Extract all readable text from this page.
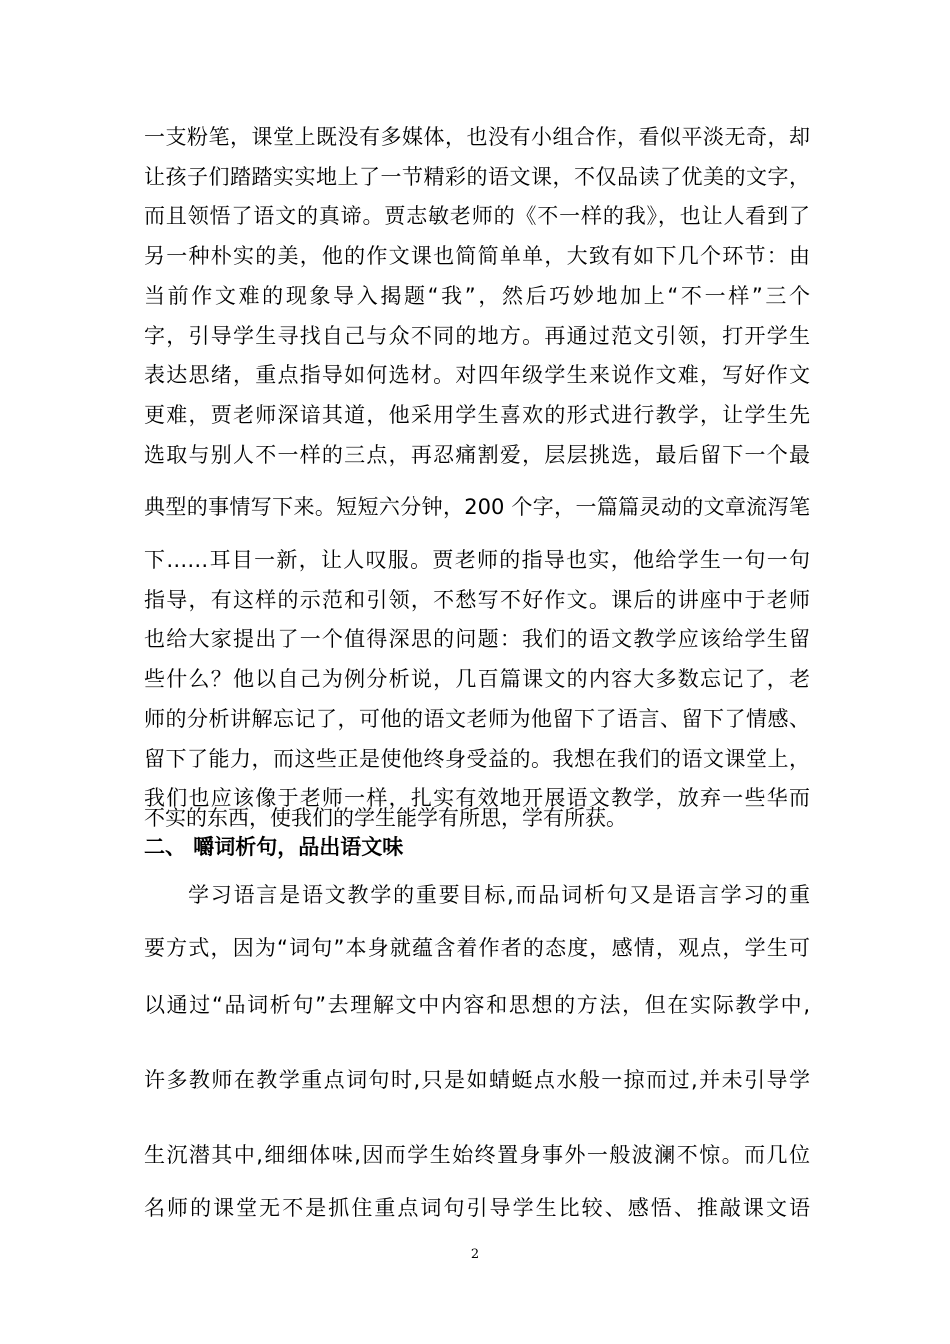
一支粉笔，课堂上既没有多媒体，也没有小组合作，看似平淡无奇，却
让孩子们踏踏实实地上了一节精彩的语文课，不仅品读了优美的文字，
而且领悟了语文的真谛。贾志敏老师的《不一样的我》，也让人看到了
另一种朴实的美，他的作文课也简简单单，大致有如下几个环节：由
当前作文难的现象导入揭题“我”，然后巧妙地加上“不一样”三个
字，引导学生寻找自己与众不同的地方。再通过范文引领，打开学生
表达思绪，重点指导如何选材。对四年级学生来说作文难，写好作文
更难，贾老师深谙其道，他采用学生喜欢的形式进行教学，让学生先
选取与别人不一样的三点，再忍痛割爱，层层挑选，最后留下一个最
典型的事情写下来。短短六分钟，200 个字，一篇篇灵动的文章流泻笔
下……耳目一新，让人叹服。贾老师的指导也实，他给学生一句一句
指导，有这样的示范和引领，不愁写不好作文。课后的讲座中于老师
也给大家提出了一个值得深思的问题：我们的语文教学应该给学生留
些什么？他以自己为例分析说，几百篇课文的内容大多数忘记了，老
师的分析讲解忘记了，可他的语文老师为他留下了语言、留下了情感、
留下了能力，而这些正是使他终身受益的。我想在我们的语文课堂上，
我们也应该像于老师一样，扎实有效地开展语文教学，放弃一些华而
不实的东西，使我们的学生能学有所思，学有所获。
二、 嚼词析句，品出语文味
学习语言是语文教学的重要目标,而品词析句又是语言学习的重
要方式，因为“词句”本身就蕴含着作者的态度，感情，观点，学生可
以通过“品词析句”去理解文中内容和思想的方法，但在实际教学中,
许多教师在教学重点词句时,只是如蜻蜓点水般一掠而过,并未引导学
生沉潜其中,细细体味,因而学生始终置身事外一般波澜不惊。而几位
名师的课堂无不是抓住重点词句引导学生比较、感悟、推敲课文语
2
